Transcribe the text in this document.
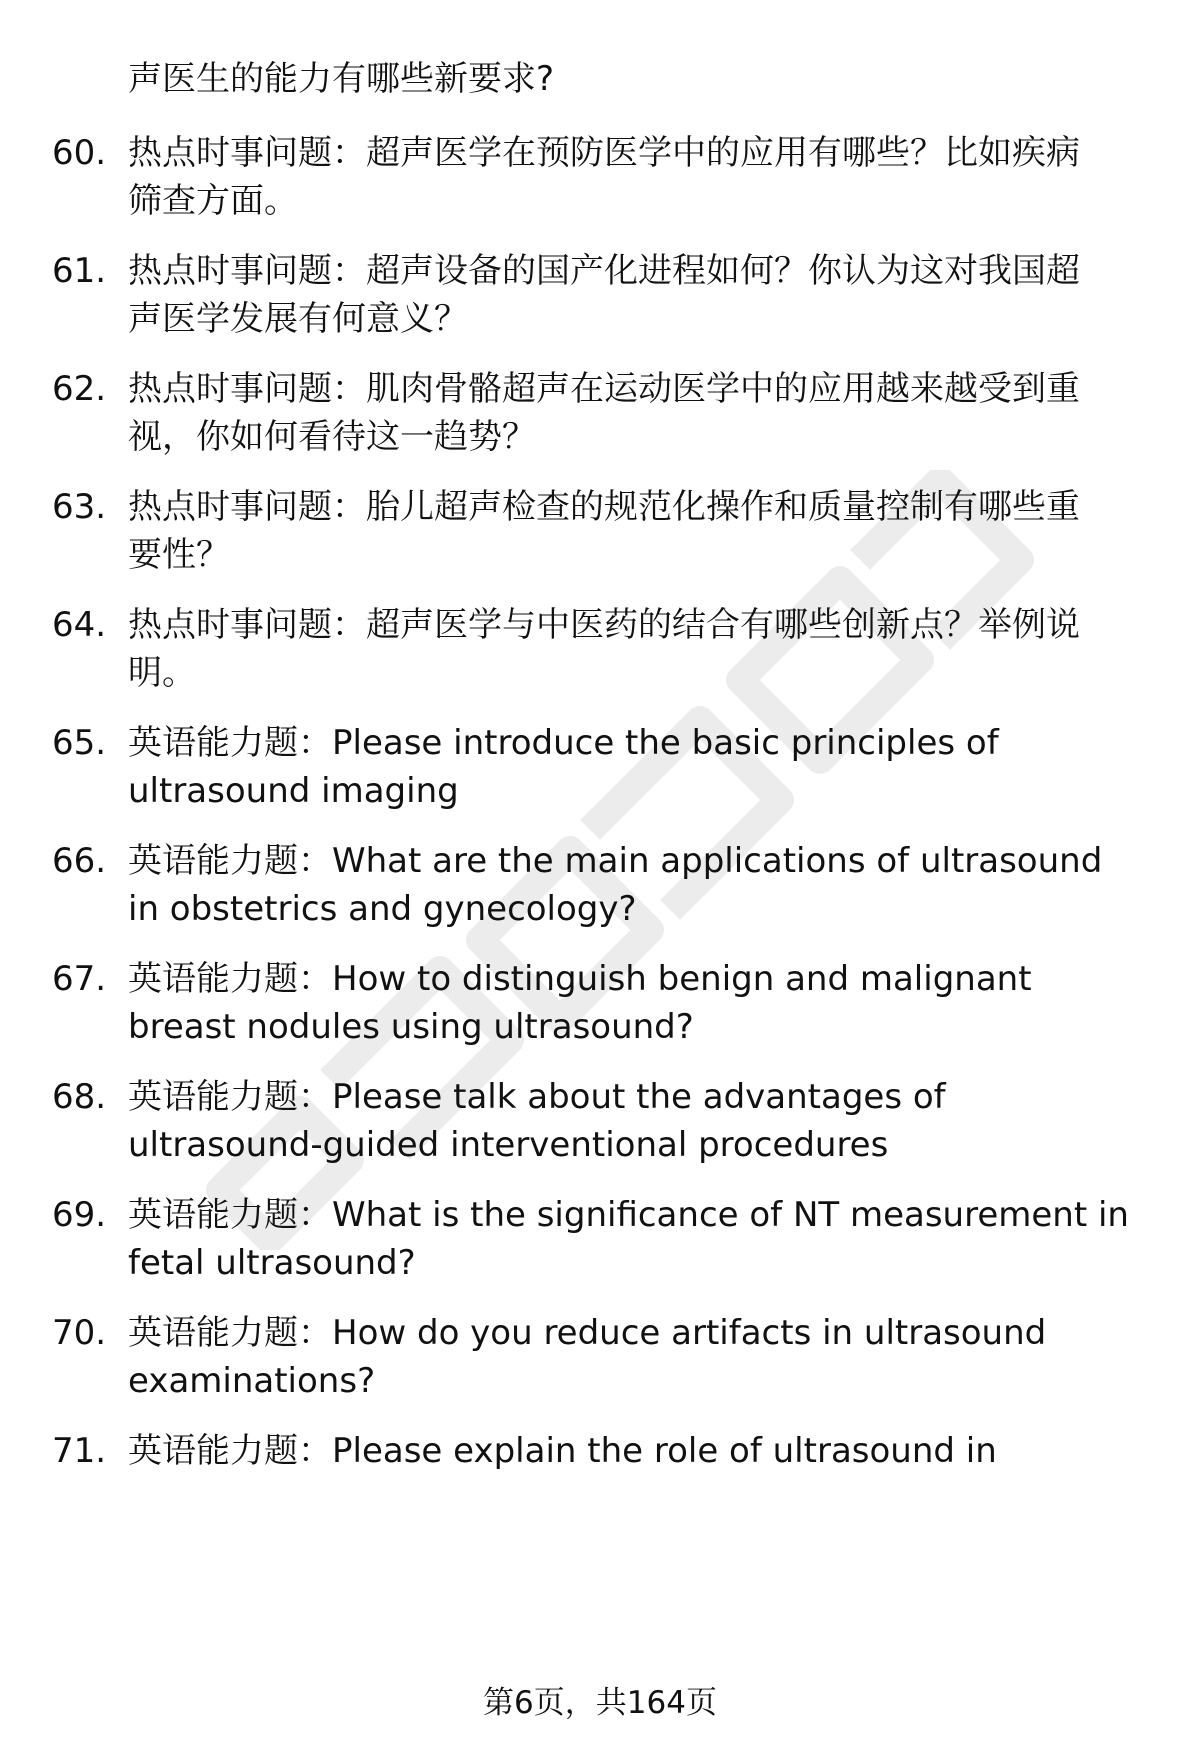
声医生的能力有哪些新要求?
60. 热点时事问题：超声医学在预防医学中的应用有哪些？比如疾病
筛查方面。
61. 热点时事问题：超声设备的国产化进程如何？你认为这对我国超
声医学发展有何意义？
62. 热点时事问题：肌肉骨骼超声在运动医学中的应用越来越受到重
视，你如何看待这一趋势？
63. 热点时事问题：胎儿超声检查的规范化操作和质量控制有哪些重
要性？
64. 热点时事问题：超声医学与中医药的结合有哪些创新点？举例说
明。
65. 英语能力题：Please introduce the basic principles of
ultrasound imaging
66. 英语能力题：What are the main applications of ultrasound
in obstetrics and gynecology?
67. 英语能力题：How to distinguish benign and malignant
breast nodules using ultrasound?
68. 英语能力题：Please talk about the advantages of
ultrasound-guided interventional procedures
69. 英语能力题：What is the significance of NT measurement in
fetal ultrasound?
70. 英语能力题：How do you reduce artifacts in ultrasound
examinations?
71. 英语能力题：Please explain the role of ultrasound in
第6页，共164页
